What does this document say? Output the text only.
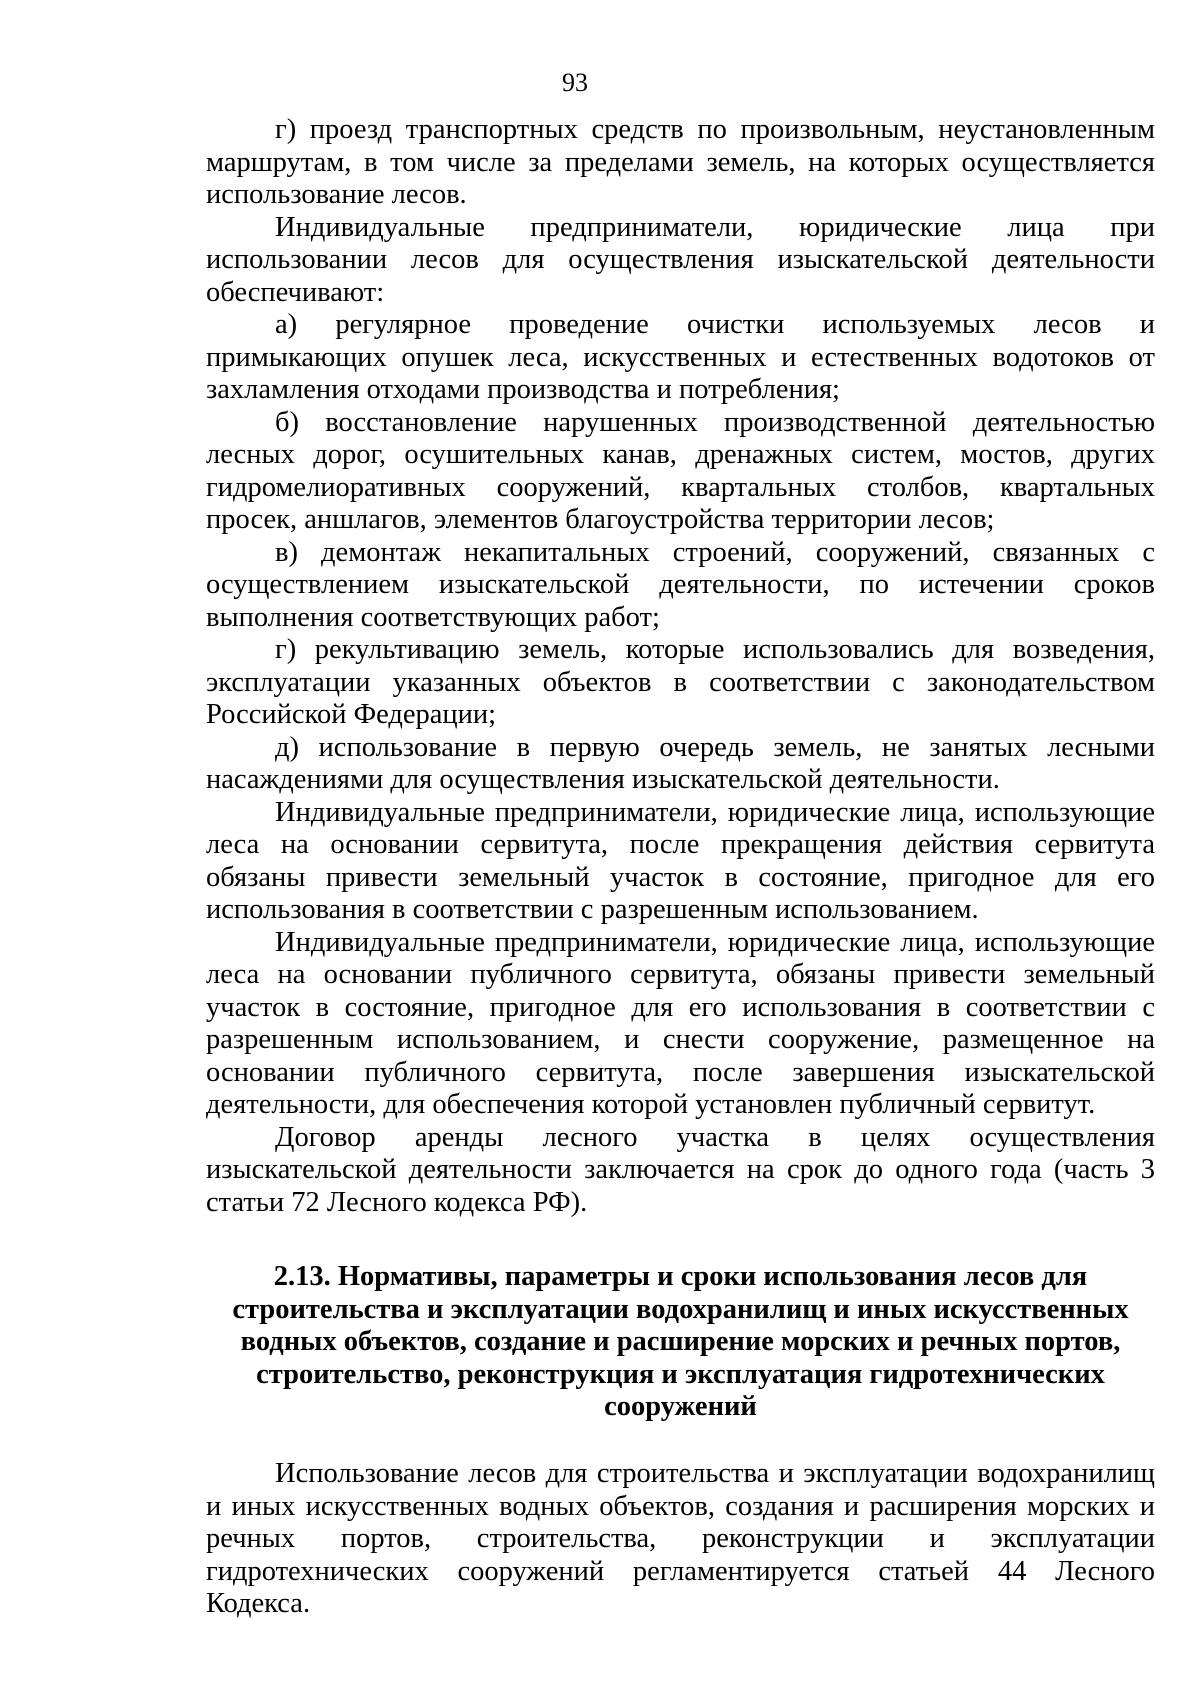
93

г) проезд транспортных средств по произвольным, неустановленным маршрутам, в том числе за пределами земель, на которых осуществляется использование лесов.

Индивидуальные предприниматели, юридические лица при использовании лесов для осуществления изыскательской деятельности обеспечивают:

а) регулярное проведение очистки используемых лесов и примыкающих опушек леса, искусственных и естественных водотоков от захламления отходами производства и потребления;

б) восстановление нарушенных производственной деятельностью лесных дорог, осушительных канав, дренажных систем, мостов, других гидромелиоративных сооружений, квартальных столбов, квартальных просек, аншлагов, элементов благоустройства территории лесов;

в) демонтаж некапитальных строений, сооружений, связанных с осуществлением изыскательской деятельности, по истечении сроков выполнения соответствующих работ;

г) рекультивацию земель, которые использовались для возведения, эксплуатации указанных объектов в соответствии с законодательством Российской Федерации;

д) использование в первую очередь земель, не занятых лесными насаждениями для осуществления изыскательской деятельности.

Индивидуальные предприниматели, юридические лица, использующие леса на основании сервитута, после прекращения действия сервитута обязаны привести земельный участок в состояние, пригодное для его использования в соответствии с разрешенным использованием.

Индивидуальные предприниматели, юридические лица, использующие леса на основании публичного сервитута, обязаны привести земельный участок в состояние, пригодное для его использования в соответствии с разрешенным использованием, и снести сооружение, размещенное на основании публичного сервитута, после завершения изыскательской деятельности, для обеспечения которой установлен публичный сервитут.

Договор аренды лесного участка в целях осуществления изыскательской деятельности заключается на срок до одного года (часть 3 статьи 72 Лесного кодекса РФ).

2.13. Нормативы, параметры и сроки использования лесов для строительства и эксплуатации водохранилищ и иных искусственных водных объектов, создание и расширение морских и речных портов, строительство, реконструкция и эксплуатация гидротехнических сооружений

Использование лесов для строительства и эксплуатации водохранилищ и иных искусственных водных объектов, создания и расширения морских и речных портов, строительства, реконструкции и эксплуатации гидротехнических сооружений регламентируется статьей 44 Лесного Кодекса.
